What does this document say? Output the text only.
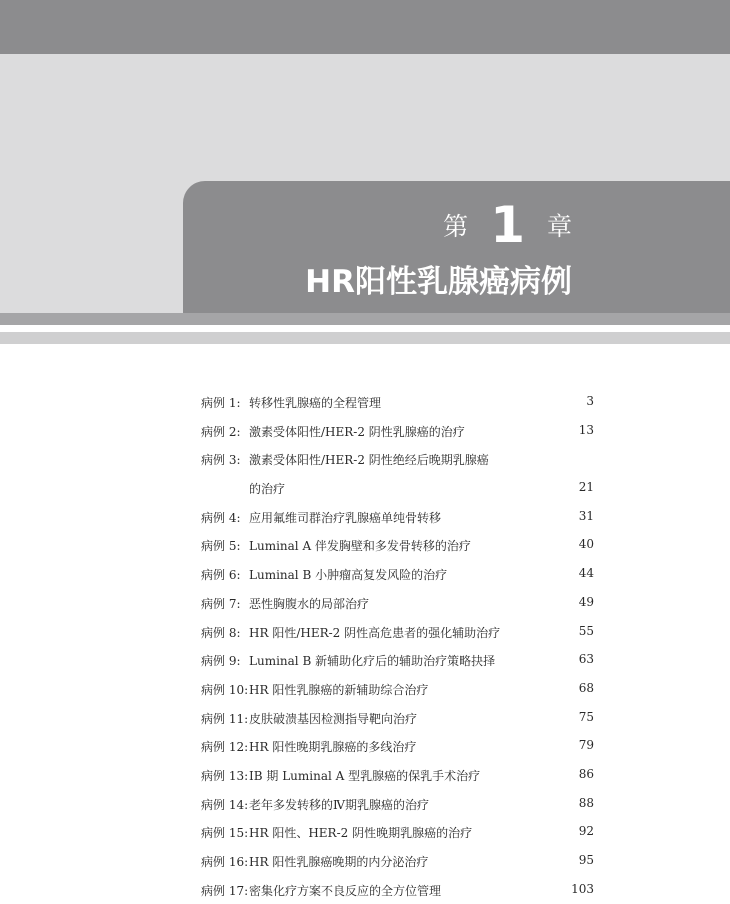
第 1 章
HR阳性乳腺癌病例
病例 1: 转移性乳腺癌的全程管理	3
病例 2: 激素受体阳性/HER-2 阴性乳腺癌的治疗	13
病例 3: 激素受体阳性/HER-2 阴性绝经后晚期乳腺癌
的治疗	21
病例 4: 应用氟维司群治疗乳腺癌单纯骨转移	31
病例 5: Luminal A 伴发胸壁和多发骨转移的治疗	40
病例 6: Luminal B 小肿瘤高复发风险的治疗	44
病例 7: 恶性胸腹水的局部治疗	49
病例 8: HR 阳性/HER-2 阴性高危患者的强化辅助治疗	55
病例 9: Luminal B 新辅助化疗后的辅助治疗策略抉择	63
病例 10: HR 阳性乳腺癌的新辅助综合治疗	68
病例 11: 皮肤破溃基因检测指导靶向治疗	75
病例 12: HR 阳性晚期乳腺癌的多线治疗	79
病例 13: IB 期 Luminal A 型乳腺癌的保乳手术治疗	86
病例 14: 老年多发转移的Ⅳ期乳腺癌的治疗	88
病例 15: HR 阳性、HER-2 阴性晚期乳腺癌的治疗	92
病例 16: HR 阳性乳腺癌晚期的内分泌治疗	95
病例 17: 密集化疗方案不良反应的全方位管理	103
